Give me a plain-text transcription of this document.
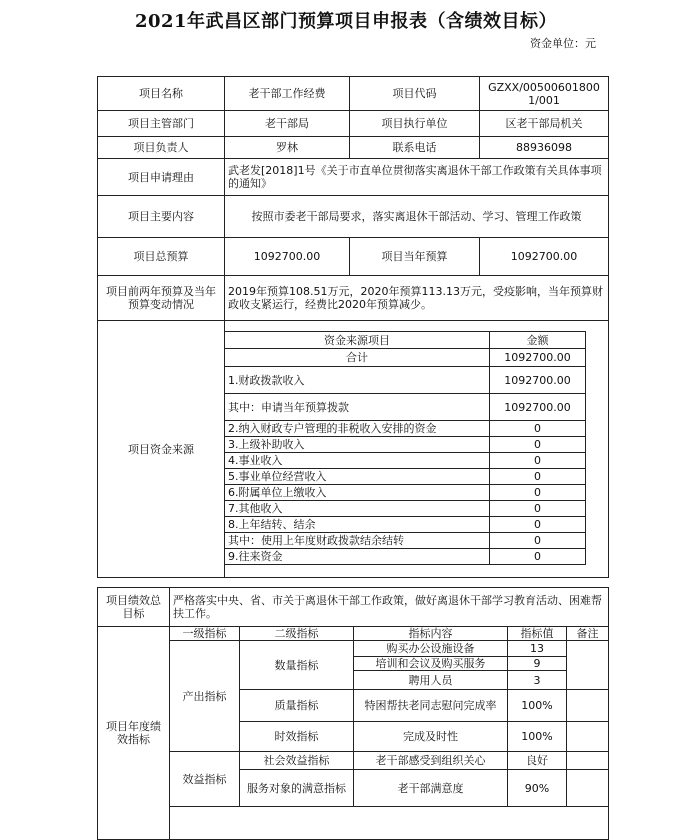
2021年武昌区部门预算项目申报表（含绩效目标）
资金单位：元
项目名称	老干部工作经费	项目代码	GZXX/005006018001/001
项目主管部门	老干部局	项目执行单位	区老干部局机关
项目负责人	罗林	联系电话	88936098
项目申请理由	武老发[2018]1号《关于市直单位贯彻落实离退休干部工作政策有关具体事项的通知》		
项目主要内容	按照市委老干部局要求，落实离退休干部活动、学习、管理工作政策		
项目总预算	1092700.00	项目当年预算	1092700.00
项目前两年预算及当年预算变动情况	2019年预算108.51万元，2020年预算113.13万元，受疫影响，当年预算财政收支紧运行，经费比2020年预算减少。		
项目资金来源			
资金来源项目	金额
合计	1092700.00
1.财政拨款收入	1092700.00
其中：申请当年预算拨款	1092700.00
2.纳入财政专户管理的非税收入安排的资金	0
3.上级补助收入	0
4.事业收入	0
5.事业单位经营收入	0
6.附属单位上缴收入	0
7.其他收入	0
8.上年结转、结余	0
其中：使用上年度财政拨款结余结转	0
9.往来资金	0
项目绩效总目标	严格落实中央、省、市关于离退休干部工作政策，做好离退休干部学习教育活动、困难帮扶工作。
项目年度绩效指标	
一级指标	二级指标	指标内容	指标值	备注
产出指标	数量指标	购买办公设施设备	13	
		培训和会议及购买服务	9	
		聘用人员	3	
	质量指标	特困帮扶老同志慰问完成率	100%	
	时效指标	完成及时性	100%	
效益指标	社会效益指标	老干部感受到组织关心	良好	
	服务对象的满意指标	老干部满意度	90%	
